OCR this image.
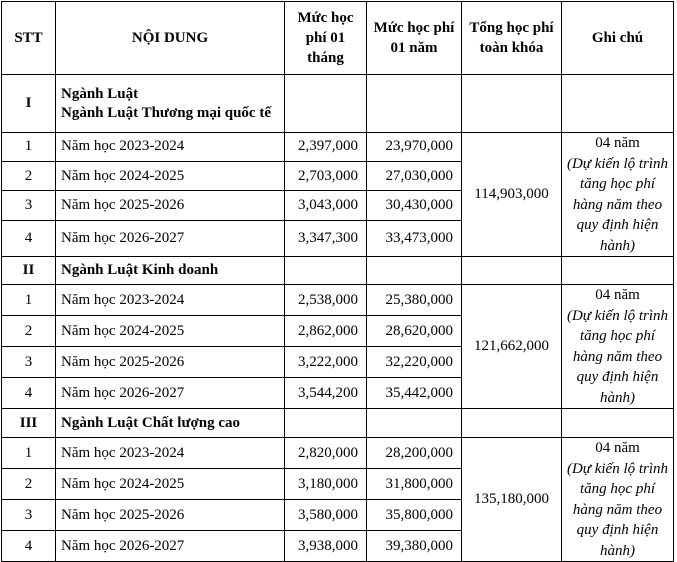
STT	NỘI DUNG	Mức học phí 01 tháng	Mức học phí 01 năm	Tổng học phí toàn khóa	Ghi chú
I	Ngành Luật
Ngành Luật Thương mại quốc tế				

1	Năm học 2023-2024	2,397,000	23,970,000	114,903,000	04 năm
(Dự kiến lộ trình tăng học phí hàng năm theo quy định hiện hành)
2	Năm học 2024-2025	2,703,000	27,030,000		
3	Năm học 2025-2026	3,043,000	30,430,000		
4	Năm học 2026-2027	3,347,300	33,473,000		
II	Ngành Luật Kinh doanh				

1	Năm học 2023-2024	2,538,000	25,380,000	121,662,000	04 năm
(Dự kiến lộ trình tăng học phí hàng năm theo quy định hiện hành)
2	Năm học 2024-2025	2,862,000	28,620,000		
3	Năm học 2025-2026	3,222,000	32,220,000		
4	Năm học 2026-2027	3,544,200	35,442,000		
III	Ngành Luật Chất lượng cao				

1	Năm học 2023-2024	2,820,000	28,200,000	135,180,000	04 năm
(Dự kiến lộ trình tăng học phí hàng năm theo quy định hiện hành)
2	Năm học 2024-2025	3,180,000	31,800,000		
3	Năm học 2025-2026	3,580,000	35,800,000		
4	Năm học 2026-2027	3,938,000	39,380,000		
